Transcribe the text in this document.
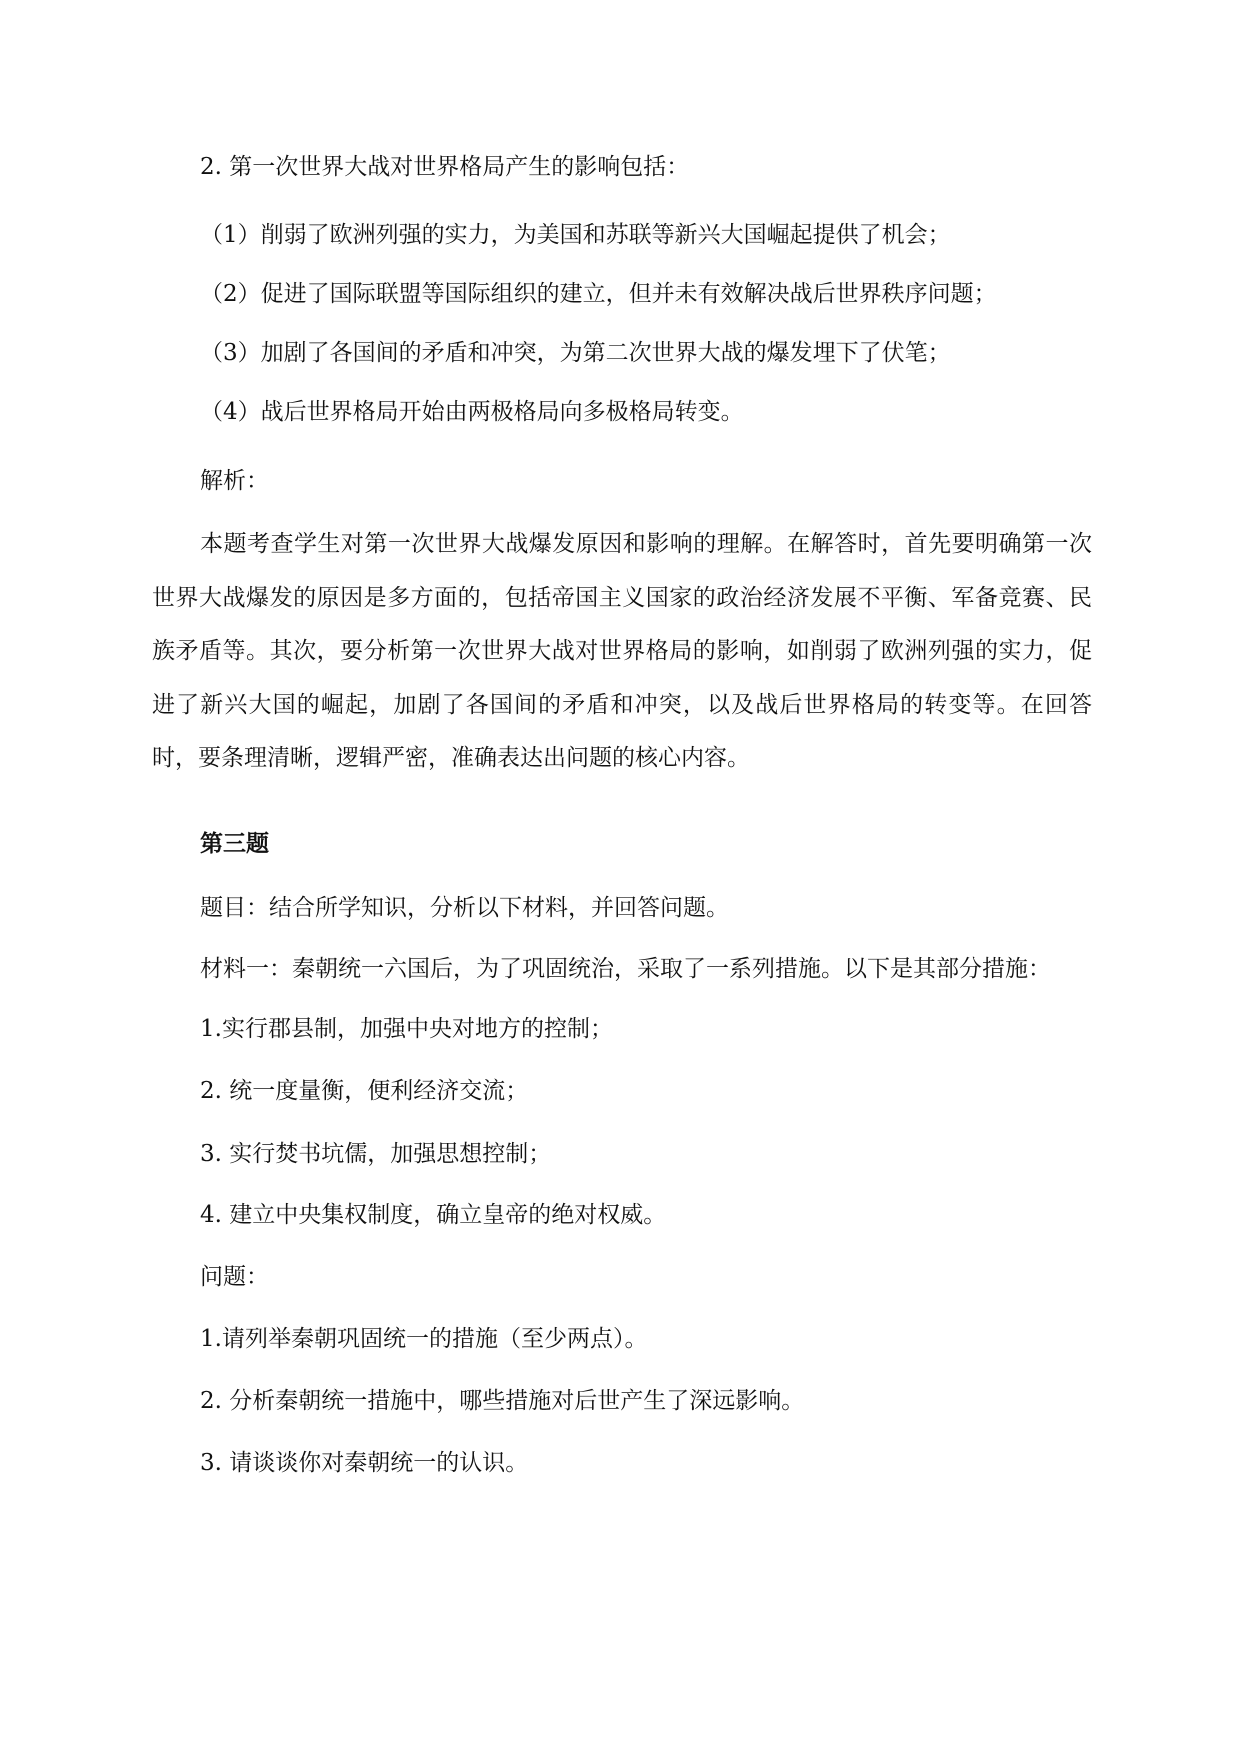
2. 第一次世界大战对世界格局产生的影响包括：
（1）削弱了欧洲列强的实力，为美国和苏联等新兴大国崛起提供了机会；
（2）促进了国际联盟等国际组织的建立，但并未有效解决战后世界秩序问题；
（3）加剧了各国间的矛盾和冲突，为第二次世界大战的爆发埋下了伏笔；
（4）战后世界格局开始由两极格局向多极格局转变。
解析：
本题考查学生对第一次世界大战爆发原因和影响的理解。在解答时，首先要明确第一次世界大战爆发的原因是多方面的，包括帝国主义国家的政治经济发展不平衡、军备竞赛、民族矛盾等。其次，要分析第一次世界大战对世界格局的影响，如削弱了欧洲列强的实力，促进了新兴大国的崛起，加剧了各国间的矛盾和冲突，以及战后世界格局的转变等。在回答时，要条理清晰，逻辑严密，准确表达出问题的核心内容。
第三题
题目：结合所学知识，分析以下材料，并回答问题。
材料一：秦朝统一六国后，为了巩固统治，采取了一系列措施。以下是其部分措施：
1.实行郡县制，加强中央对地方的控制；
2. 统一度量衡，便利经济交流；
3. 实行焚书坑儒，加强思想控制；
4. 建立中央集权制度，确立皇帝的绝对权威。
问题：
1.请列举秦朝巩固统一的措施（至少两点）。
2. 分析秦朝统一措施中，哪些措施对后世产生了深远影响。
3. 请谈谈你对秦朝统一的认识。
